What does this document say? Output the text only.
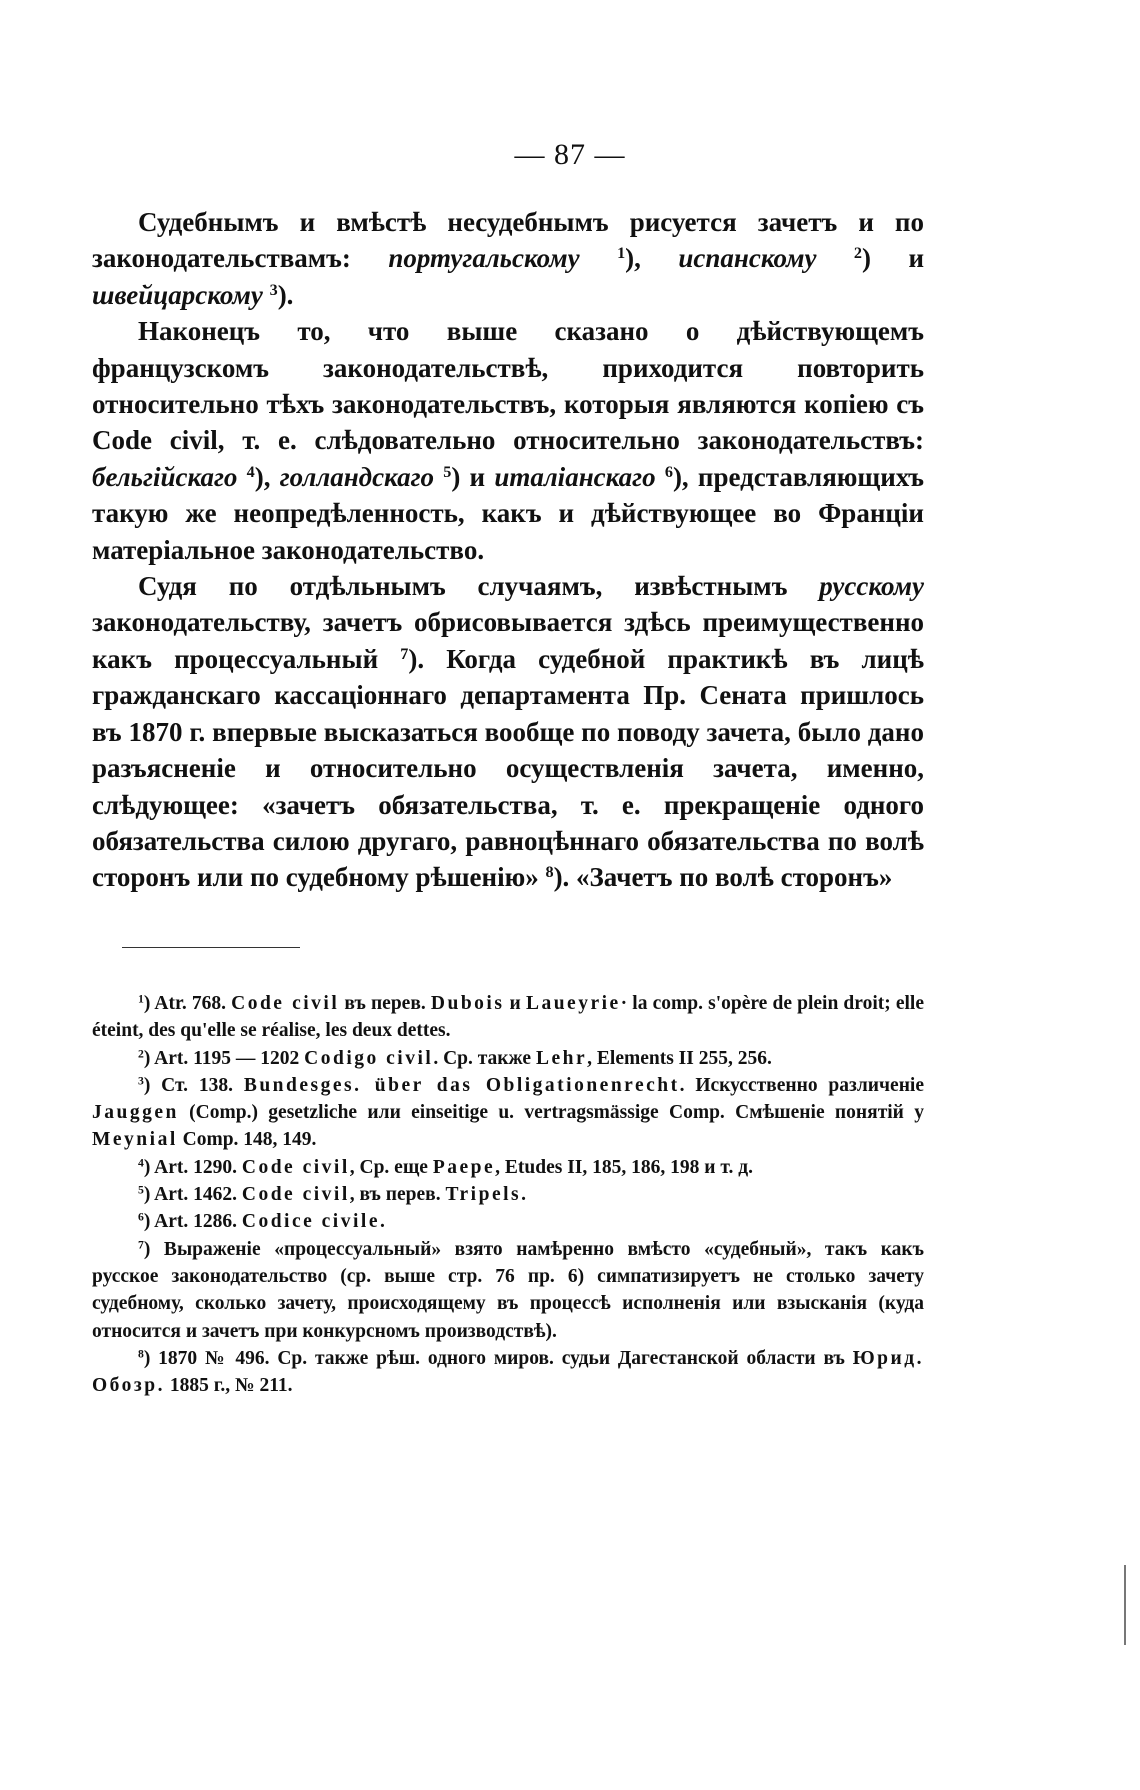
— 87 —

Судебнымъ и вмѣстѣ несудебнымъ рисуется зачетъ и по законодательствамъ: португальскому $^1$), испанскому $^2$) и швейцарскому $^3$).

Наконецъ то, что выше сказано о дѣйствующемъ французскомъ законодательствѣ, приходится повторить относительно тѣхъ законодательствъ, которыя являются копiею съ Code civil, т. е. слѣдовательно относительно законодательствъ: бельгiйскаго $^4$), голландскаго $^5$) и италiанскаго $^6$), представляющихъ такую же неопредѣленность, какъ и дѣйствующее во Францiи матерiальное законодательство.

Судя по отдѣльнымъ случаямъ, извѣстнымъ русскому законодательству, зачетъ обрисовывается здѣсь преимущественно какъ процессуальный $^7$). Когда судебной практикѣ въ лицѣ гражданскаго кассацiоннаго департамента Пр. Сената пришлось въ 1870 г. впервые высказаться вообще по поводу зачета, было дано разъясненiе и относительно осуществленiя зачета, именно, слѣдующее: «зачетъ обязательства, т. е. прекращенiе одного обязательства силою другаго, равноцѣннаго обязательства по волѣ сторонъ или по судебному рѣшенiю» $^8$). «Зачетъ по волѣ сторонъ»

$^1$) Atr. 768. Code civil въ перев. Dubois и Laueyrie· la comp. s'opère de plein droit; elle éteint, des qu'elle se réalise, les deux dettes.

$^2$) Art. 1195 — 1202 Codigo civil. Ср. также Lehr, Elements II 255, 256.

$^3$) Ст. 138. Bundesges. über das Obligationenrecht. Искусственно различенiе Jauggen (Comp.) gesetzliche или einseitige u. vertragsmässige Comp. Смѣшенiе понятiй у Meynial Comp. 148, 149.

$^4$) Art. 1290. Code civil, Ср. еще Paepe, Etudes II, 185, 186, 198 и т. д.

$^5$) Art. 1462. Code civil, въ перев. Tripels.

$^6$) Art. 1286. Codice civile.

$^7$) Выраженiе «процессуальный» взято намѣренно вмѣсто «судебный», такъ какъ русское законодательство (ср. выше стр. 76 пр. 6) симпатизируетъ не столько зачету судебному, сколько зачету, происходящему въ процессѣ исполненiя или взысканiя (куда относится и зачетъ при конкурсномъ производствѣ).

$^8$) 1870 № 496. Ср. также рѣш. одного миров. судьи Дагестанской области въ Юрид. Обозр. 1885 г., № 211.
